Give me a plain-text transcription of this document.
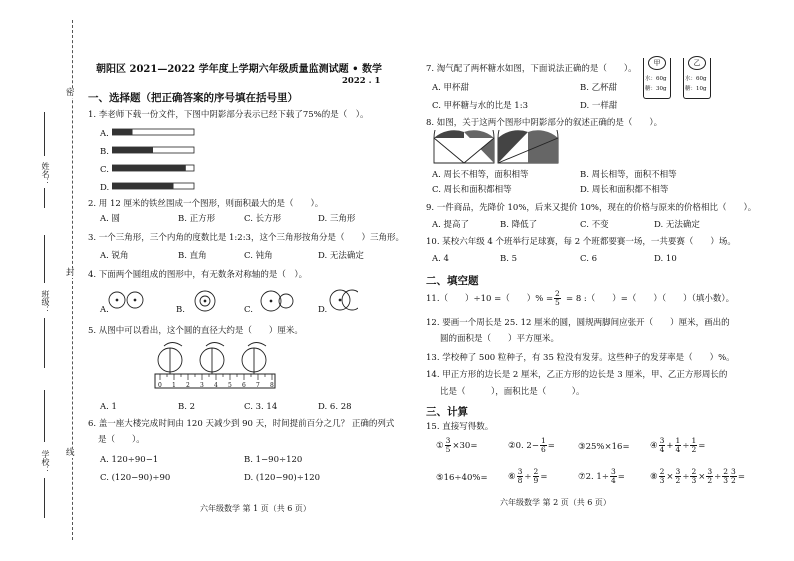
密
封
线
姓名：
班级：
学校：
朝阳区 2021—2022 学年度上学期六年级质量监测试题 • 数学
2022 . 1
一、选择题（把正确答案的序号填在括号里）
1. 李老师下载一份文件，下图中阴影部分表示已经下载了75%的是（　）。
A.
B.
C.
D.
2. 用 12 厘米的铁丝围成一个图形，则面积最大的是（　　）。
A. 圆	B. 正方形	C. 长方形	D. 三角形
3. 一个三角形，三个内角的度数比是 1:2:3，这个三角形按角分是（　　）三角形。
A. 锐角	B. 直角	C. 钝角	D. 无法确定
4. 下面两个圆组成的图形中，有无数条对称轴的是（　）。
A.	B.	C.	D.
5. 从图中可以看出，这个圆的直径大约是（　　）厘米。
0 1 2 3 4 5 6 7 8
A. 1	B. 2	C. 3. 14	D. 6. 28
6. 盖一座大楼完成时间由 120 天减少到 90 天，时间提前百分之几？ 正确的列式
是（　　）。
A. 120÷90−1	B. 1−90÷120
C. (120−90)÷90	D. (120−90)÷120
六年级数学 第 1 页（共 6 页）
7. 淘气配了两杯糖水如图，下面说法正确的是（　　）。
甲
水：60g
糖：30g
乙
水：60g
糖：10g
A. 甲杯甜	B. 乙杯甜
C. 甲杯糖与水的比是 1:3	D. 一样甜
8. 如图，关于这两个图形中阴影部分的叙述正确的是（　　）。
A. 周长不相等，面积相等	B. 周长相等，面积不相等
C. 周长和面积都相等	D. 周长和面积都不相等
9. 一件商品，先降价 10%，后来又提价 10%，现在的价格与原来的价格相比（　　）。
A. 提高了	B. 降低了	C. 不变	D. 无法确定
10. 某校六年级 4 个班举行足球赛，每 2 个班都要赛一场，一共要赛（　　）场。
A. 4	B. 5	C. 6	D. 10
二、填空题
11.（　　）÷10 =（　　）% = $\frac{2}{5} = 8$ :（　　）=（　　）（　　）（填小数）。
12. 要画一个周长是 25. 12 厘米的圆，圆规两脚间应张开（　　）厘米，画出的
圆的面积是（　　）平方厘米。
13. 学校种了 500 粒种子，有 35 粒没有发芽。这些种子的发芽率是（　　）%。
14. 甲正方形的边长是 2 厘米，乙正方形的边长是 3 厘米，甲、乙正方形周长的
比是（　　　），面积比是（　　　）。
三、计算
15. 直接写得数。
① $\frac{3}{5} \times 30=$	②0. $2- \frac{1}{6}$ =	③25%×16= ④ $\frac{3}{4} + \frac{1}{4} \div \frac{1}{2}$ =
⑤16÷40%= ⑥ $\frac{3}{8} \div \frac{2}{9}$ =	⑦2. $1\div \frac{3}{4}$ =	⑧ $\frac{2}{3} \times \frac{3}{2} \div \frac{2}{3} \times \frac{3}{2} \div \frac{2}{3} \frac{3}{2}$ =
六年级数学 第 2 页（共 6 页）
